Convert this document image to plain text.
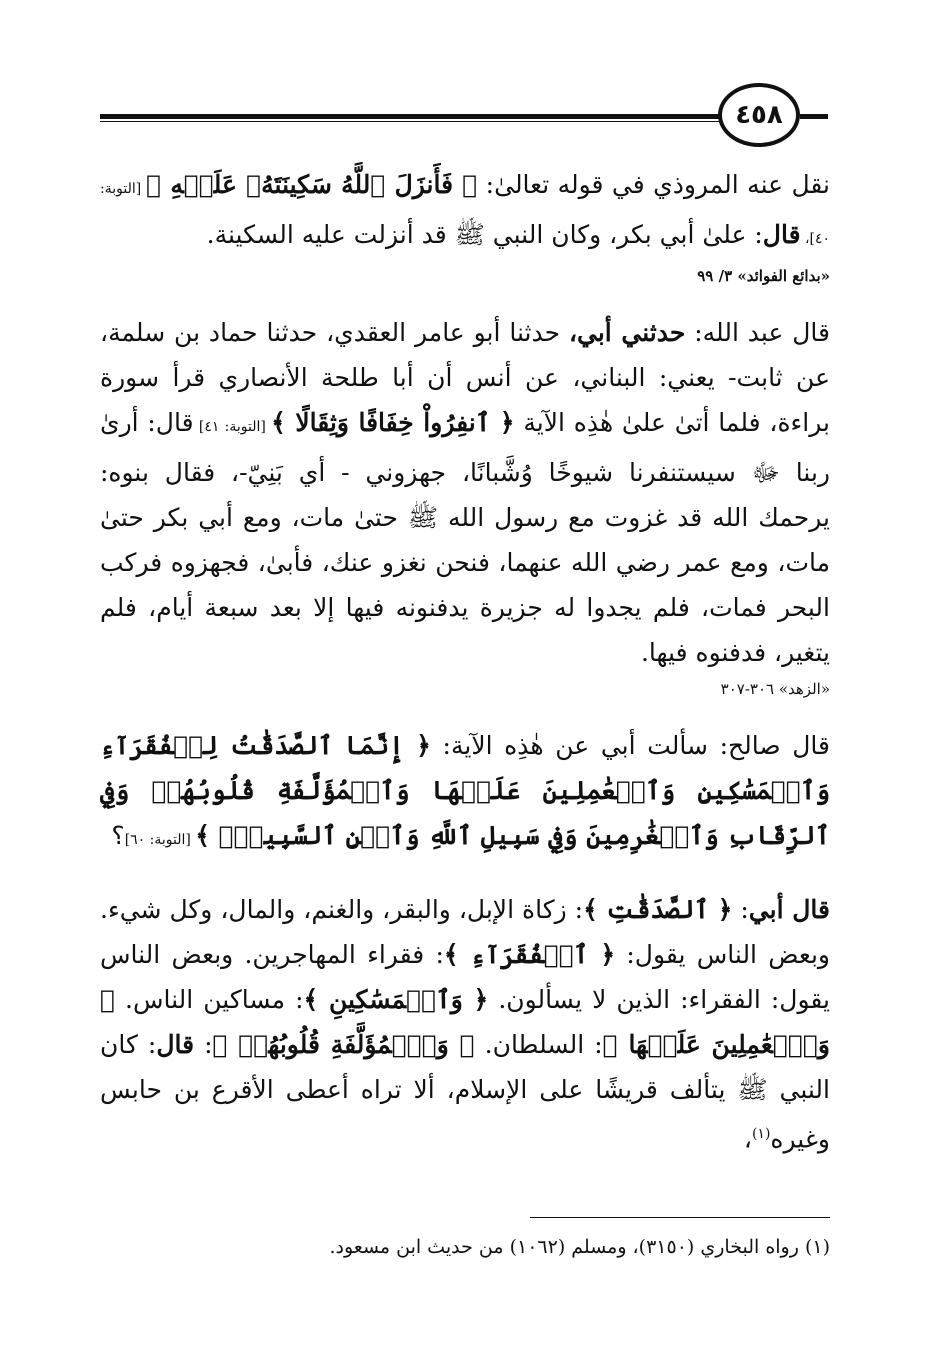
٤٥٨

نقل عنه المروذي في قوله تعالىٰ: ﴿ فَأَنزَلَ ٱللَّهُ سَكِينَتَهُۥ عَلَيۡهِ ﴾ [التوبة: ٤٠]، قال: علىٰ أبي بكر، وكان النبي ﷺ قد أنزلت عليه السكينة.

«بدائع الفوائد» ٣/ ٩٩

قال عبد الله: حدثني أبي، حدثنا أبو عامر العقدي، حدثنا حماد بن سلمة، عن ثابت- يعني: البناني، عن أنس أن أبا طلحة الأنصاري قرأ سورة براءة، فلما أتىٰ علىٰ هٰذِه الآية ﴿ ٱنفِرُواْ خِفَافًا وَثِقَالًا ﴾ [التوبة: ٤١] قال: أرىٰ ربنا ﷻ سيستنفرنا شيوخًا وُشَّبانًا، جهزوني - أي بَنِيّ-، فقال بنوه: يرحمك الله قد غزوت مع رسول الله ﷺ حتىٰ مات، ومع أبي بكر حتىٰ مات، ومع عمر رضي الله عنهما، فنحن نغزو عنك، فأبىٰ، فجهزوه فركب البحر فمات، فلم يجدوا له جزيرة يدفنونه فيها إلا بعد سبعة أيام، فلم يتغير، فدفنوه فيها.

«الزهد» ٣٠٦-٣٠٧

قال صالح: سألت أبي عن هٰذِه الآية: ﴿ إِنَّمَا ٱلصَّدَقَٰتُ لِلۡفُقَرَآءِ وَٱلۡمَسَٰكِينِ وَٱلۡعَٰمِلِينَ عَلَيۡهَا وَٱلۡمُؤَلَّفَةِ قُلُوبُهُمۡ وَفِي ٱلرِّقَابِ وَٱلۡغَٰرِمِينَ وَفِي سَبِيلِ ٱللَّهِ وَٱبۡنِ ٱلسَّبِيلِۖ ﴾ [التوبة: ٦٠]؟

قال أبي: ﴿ ٱلصَّدَقَٰتِ ﴾: زكاة الإبل، والبقر، والغنم، والمال، وكل شيء. وبعض الناس يقول: ﴿ ٱلۡفُقَرَآءِ ﴾: فقراء المهاجرين. وبعض الناس يقول: الفقراء: الذين لا يسألون. ﴿ وَٱلۡمَسَٰكِينِ ﴾: مساكين الناس. ﴿ وَٱلۡعَٰمِلِينَ عَلَيۡهَا ﴾: السلطان. ﴿ وَٱلۡمُؤَلَّفَةِ قُلُوبُهُمۡ ﴾: قال: كان النبي ﷺ يتألف قريشًا على الإسلام، ألا تراه أعطى الأقرع بن حابس وغيره$^{(١)}$،

(١) رواه البخاري (٣١٥٠)، ومسلم (١٠٦٢) من حديث ابن مسعود.
